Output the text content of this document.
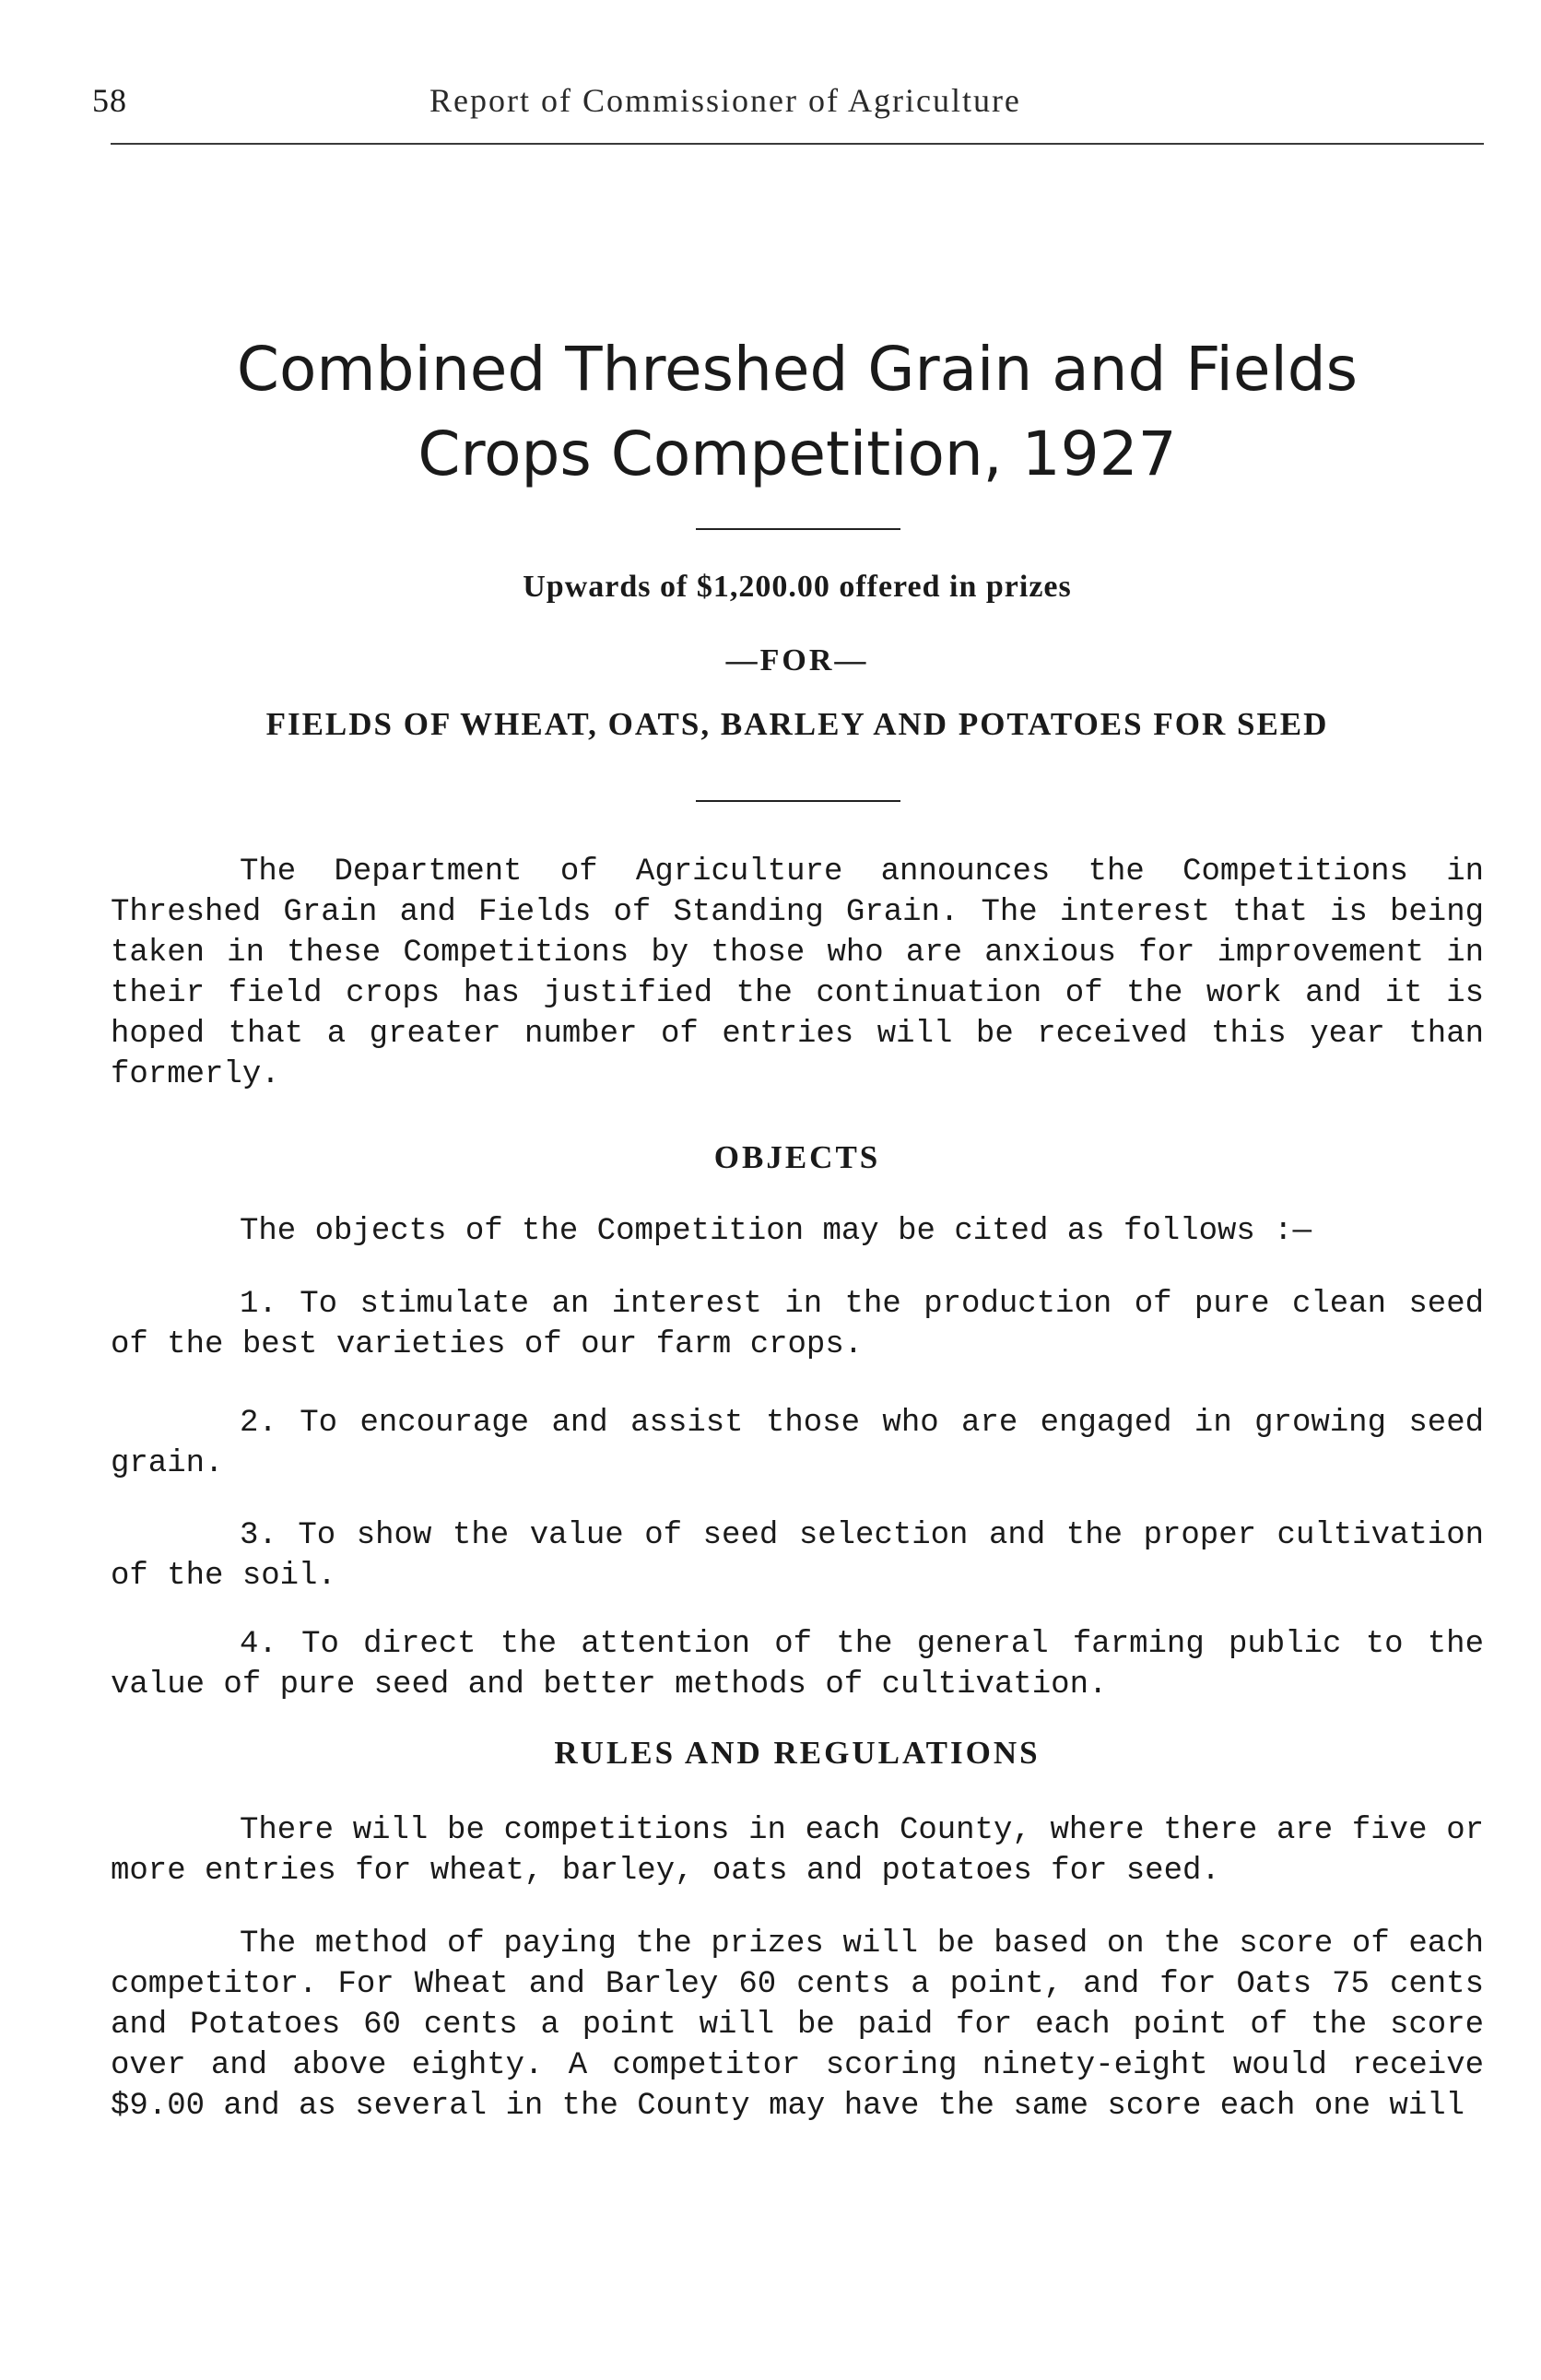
58	Report of Commissioner of Agriculture
Combined Threshed Grain and Fields
Crops Competition, 1927
Upwards of $1,200.00 offered in prizes
—FOR—
FIELDS OF WHEAT, OATS, BARLEY AND POTATOES FOR SEED

The Department of Agriculture announces the Competitions in Threshed Grain and Fields of Standing Grain. The interest that is being taken in these Competitions by those who are anxious for improvement in their field crops has justified the continuation of the work and it is hoped that a greater number of entries will be received this year than formerly.

OBJECTS

The objects of the Competition may be cited as follows :—

1. To stimulate an interest in the production of pure clean seed of the best varieties of our farm crops.

2. To encourage and assist those who are engaged in growing seed grain.

3. To show the value of seed selection and the proper cultivation of the soil.

4. To direct the attention of the general farming public to the value of pure seed and better methods of cultivation.

RULES AND REGULATIONS

There will be competitions in each County, where there are five or more entries for wheat, barley, oats and potatoes for seed.

The method of paying the prizes will be based on the score of each competitor. For Wheat and Barley 60 cents a point, and for Oats 75 cents and Potatoes 60 cents a point will be paid for each point of the score over and above eighty. A competitor scoring ninety-eight would receive $9.00 and as several in the County may have the same score each one will
